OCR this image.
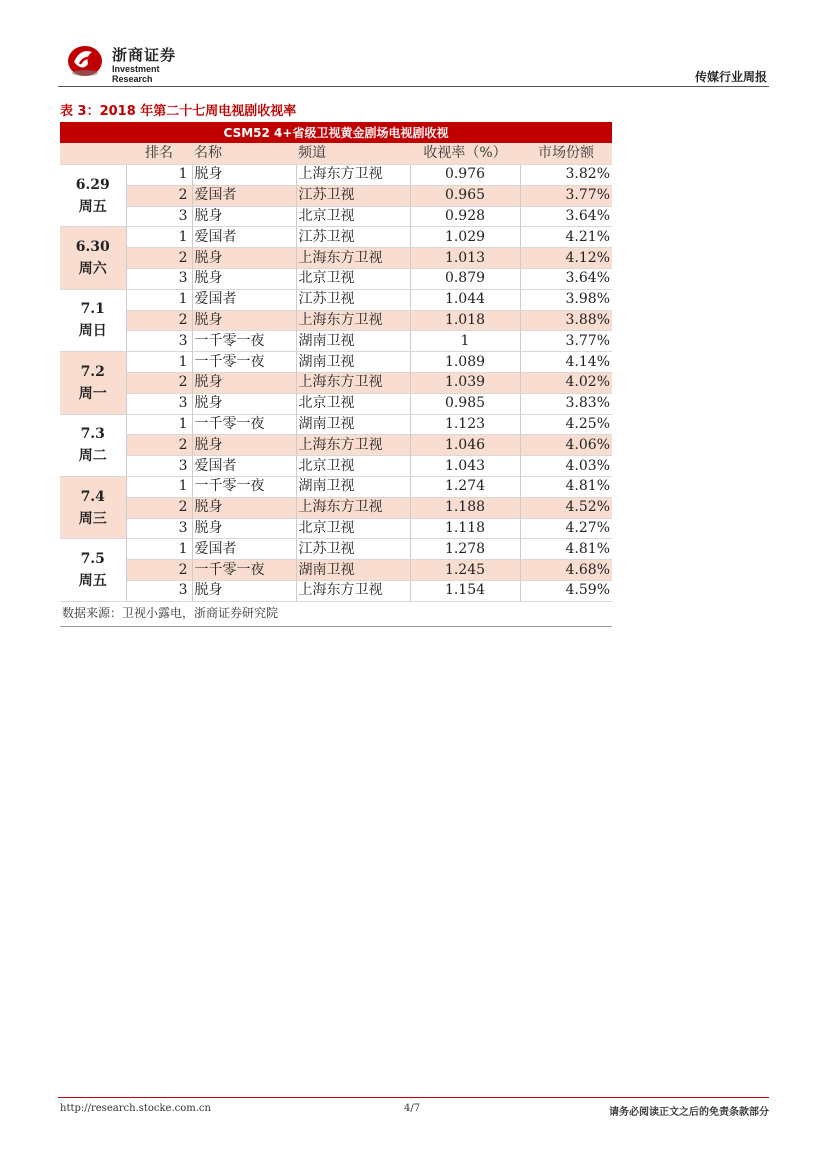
浙商证券
Investment Research	传媒行业周报
表 3：2018 年第二十七周电视剧收视率
CSM52 4+省级卫视黄金剧场电视剧收视					
	排名	名称	频道	收视率（%）	市场份额

6.29
周五	1	脱身	上海东方卫视	0.976	3.82%
	2	爱国者	江苏卫视	0.965	3.77%
	3	脱身	北京卫视	0.928	3.64%

6.30
周六	1	爱国者	江苏卫视	1.029	4.21%
	2	脱身	上海东方卫视	1.013	4.12%
	3	脱身	北京卫视	0.879	3.64%

7.1
周日	1	爱国者	江苏卫视	1.044	3.98%
	2	脱身	上海东方卫视	1.018	3.88%
	3	一千零一夜	湖南卫视	1	3.77%

7.2
周一	1	一千零一夜	湖南卫视	1.089	4.14%
	2	脱身	上海东方卫视	1.039	4.02%
	3	脱身	北京卫视	0.985	3.83%

7.3
周二	1	一千零一夜	湖南卫视	1.123	4.25%
	2	脱身	上海东方卫视	1.046	4.06%
	3	爱国者	北京卫视	1.043	4.03%

7.4
周三	1	一千零一夜	湖南卫视	1.274	4.81%
	2	脱身	上海东方卫视	1.188	4.52%
	3	脱身	北京卫视	1.118	4.27%

7.5
周五	1	爱国者	江苏卫视	1.278	4.81%
	2	一千零一夜	湖南卫视	1.245	4.68%
	3	脱身	上海东方卫视	1.154	4.59%
数据来源：卫视小露电，浙商证券研究院					
http://research.stocke.com.cn	4/7	请务必阅读正文之后的免责条款部分
